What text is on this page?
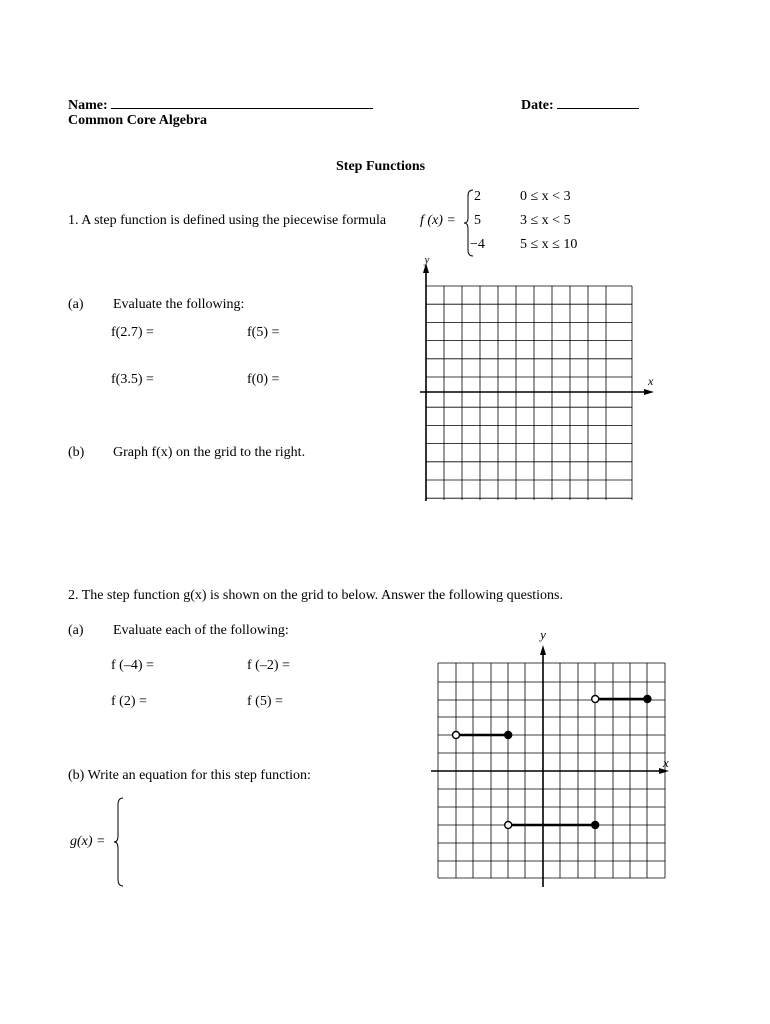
Name:	Date:
Common Core Algebra
Step Functions
1. A step function is defined using the piecewise formula f (x) =
2	0 ≤ x < 3
5	3 ≤ x < 5
−4	5 ≤ x ≤ 10
(a) Evaluate the following:
f(2.7) =	f(5) =
f(3.5) =	f(0) =
(b) Graph f(x) on the grid to the right.
y
x
2. The step function g(x) is shown on the grid to below. Answer the following questions.
(a) Evaluate each of the following:
f (–4) =	f (–2) =
f (2) =	f (5) =
(b) Write an equation for this step function:
g(x) =
y
x
